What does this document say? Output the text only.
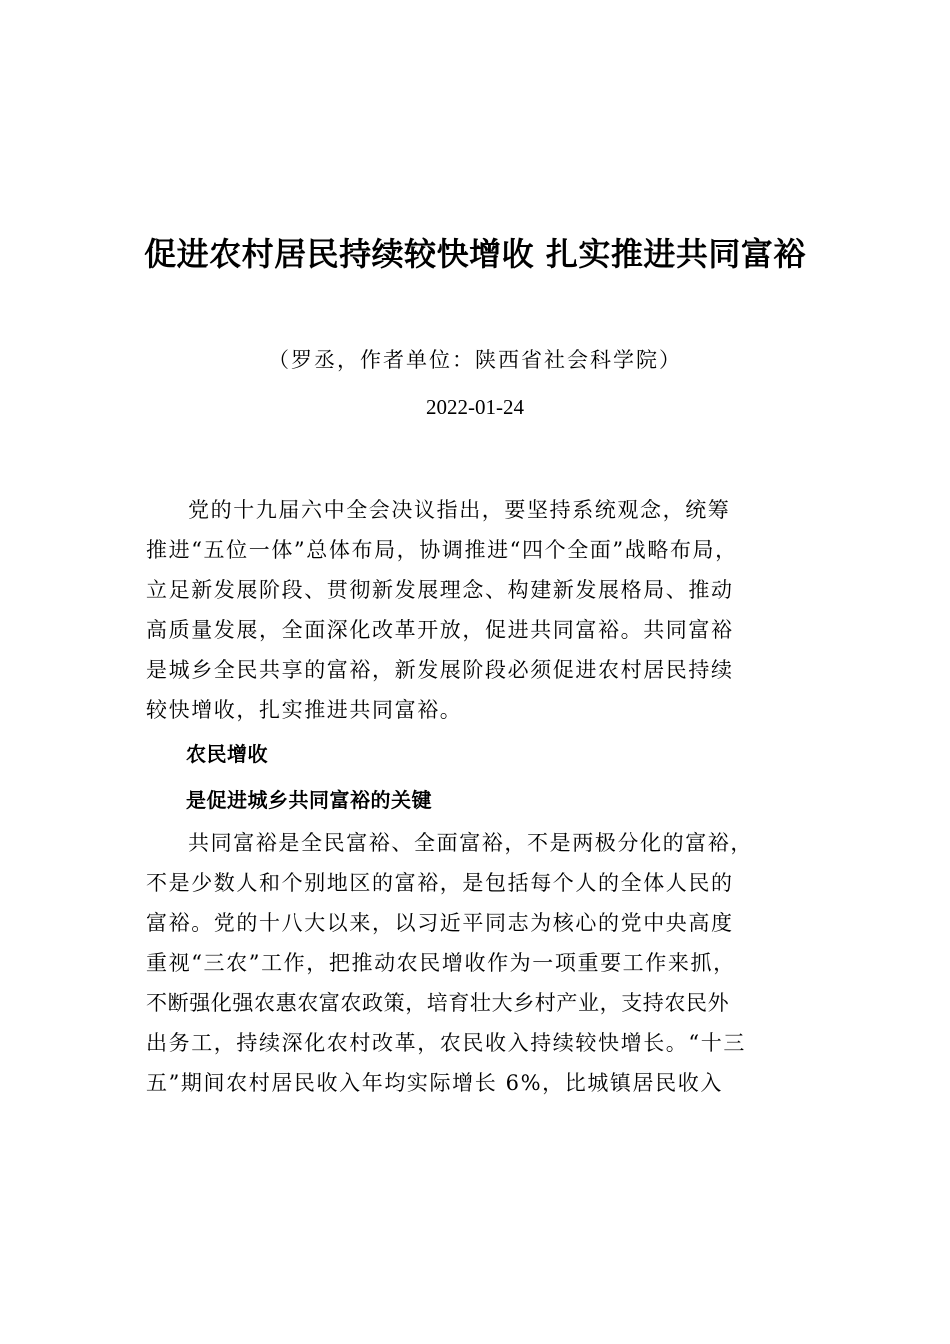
促进农村居民持续较快增收 扎实推进共同富裕
（罗丞，作者单位：陕西省社会科学院）
2022-01-24

党的十九届六中全会决议指出，要坚持系统观念，统筹
推进“五位一体”总体布局，协调推进“四个全面”战略布局，
立足新发展阶段、贯彻新发展理念、构建新发展格局、推动
高质量发展，全面深化改革开放，促进共同富裕。共同富裕
是城乡全民共享的富裕，新发展阶段必须促进农村居民持续
较快增收，扎实推进共同富裕。

农民增收

是促进城乡共同富裕的关键

共同富裕是全民富裕、全面富裕，不是两极分化的富裕，
不是少数人和个别地区的富裕，是包括每个人的全体人民的
富裕。党的十八大以来，以习近平同志为核心的党中央高度
重视“三农”工作，把推动农民增收作为一项重要工作来抓，
不断强化强农惠农富农政策，培育壮大乡村产业，支持农民外
出务工，持续深化农村改革，农民收入持续较快增长。“十三
五”期间农村居民收入年均实际增长 6%，比城镇居民收入
